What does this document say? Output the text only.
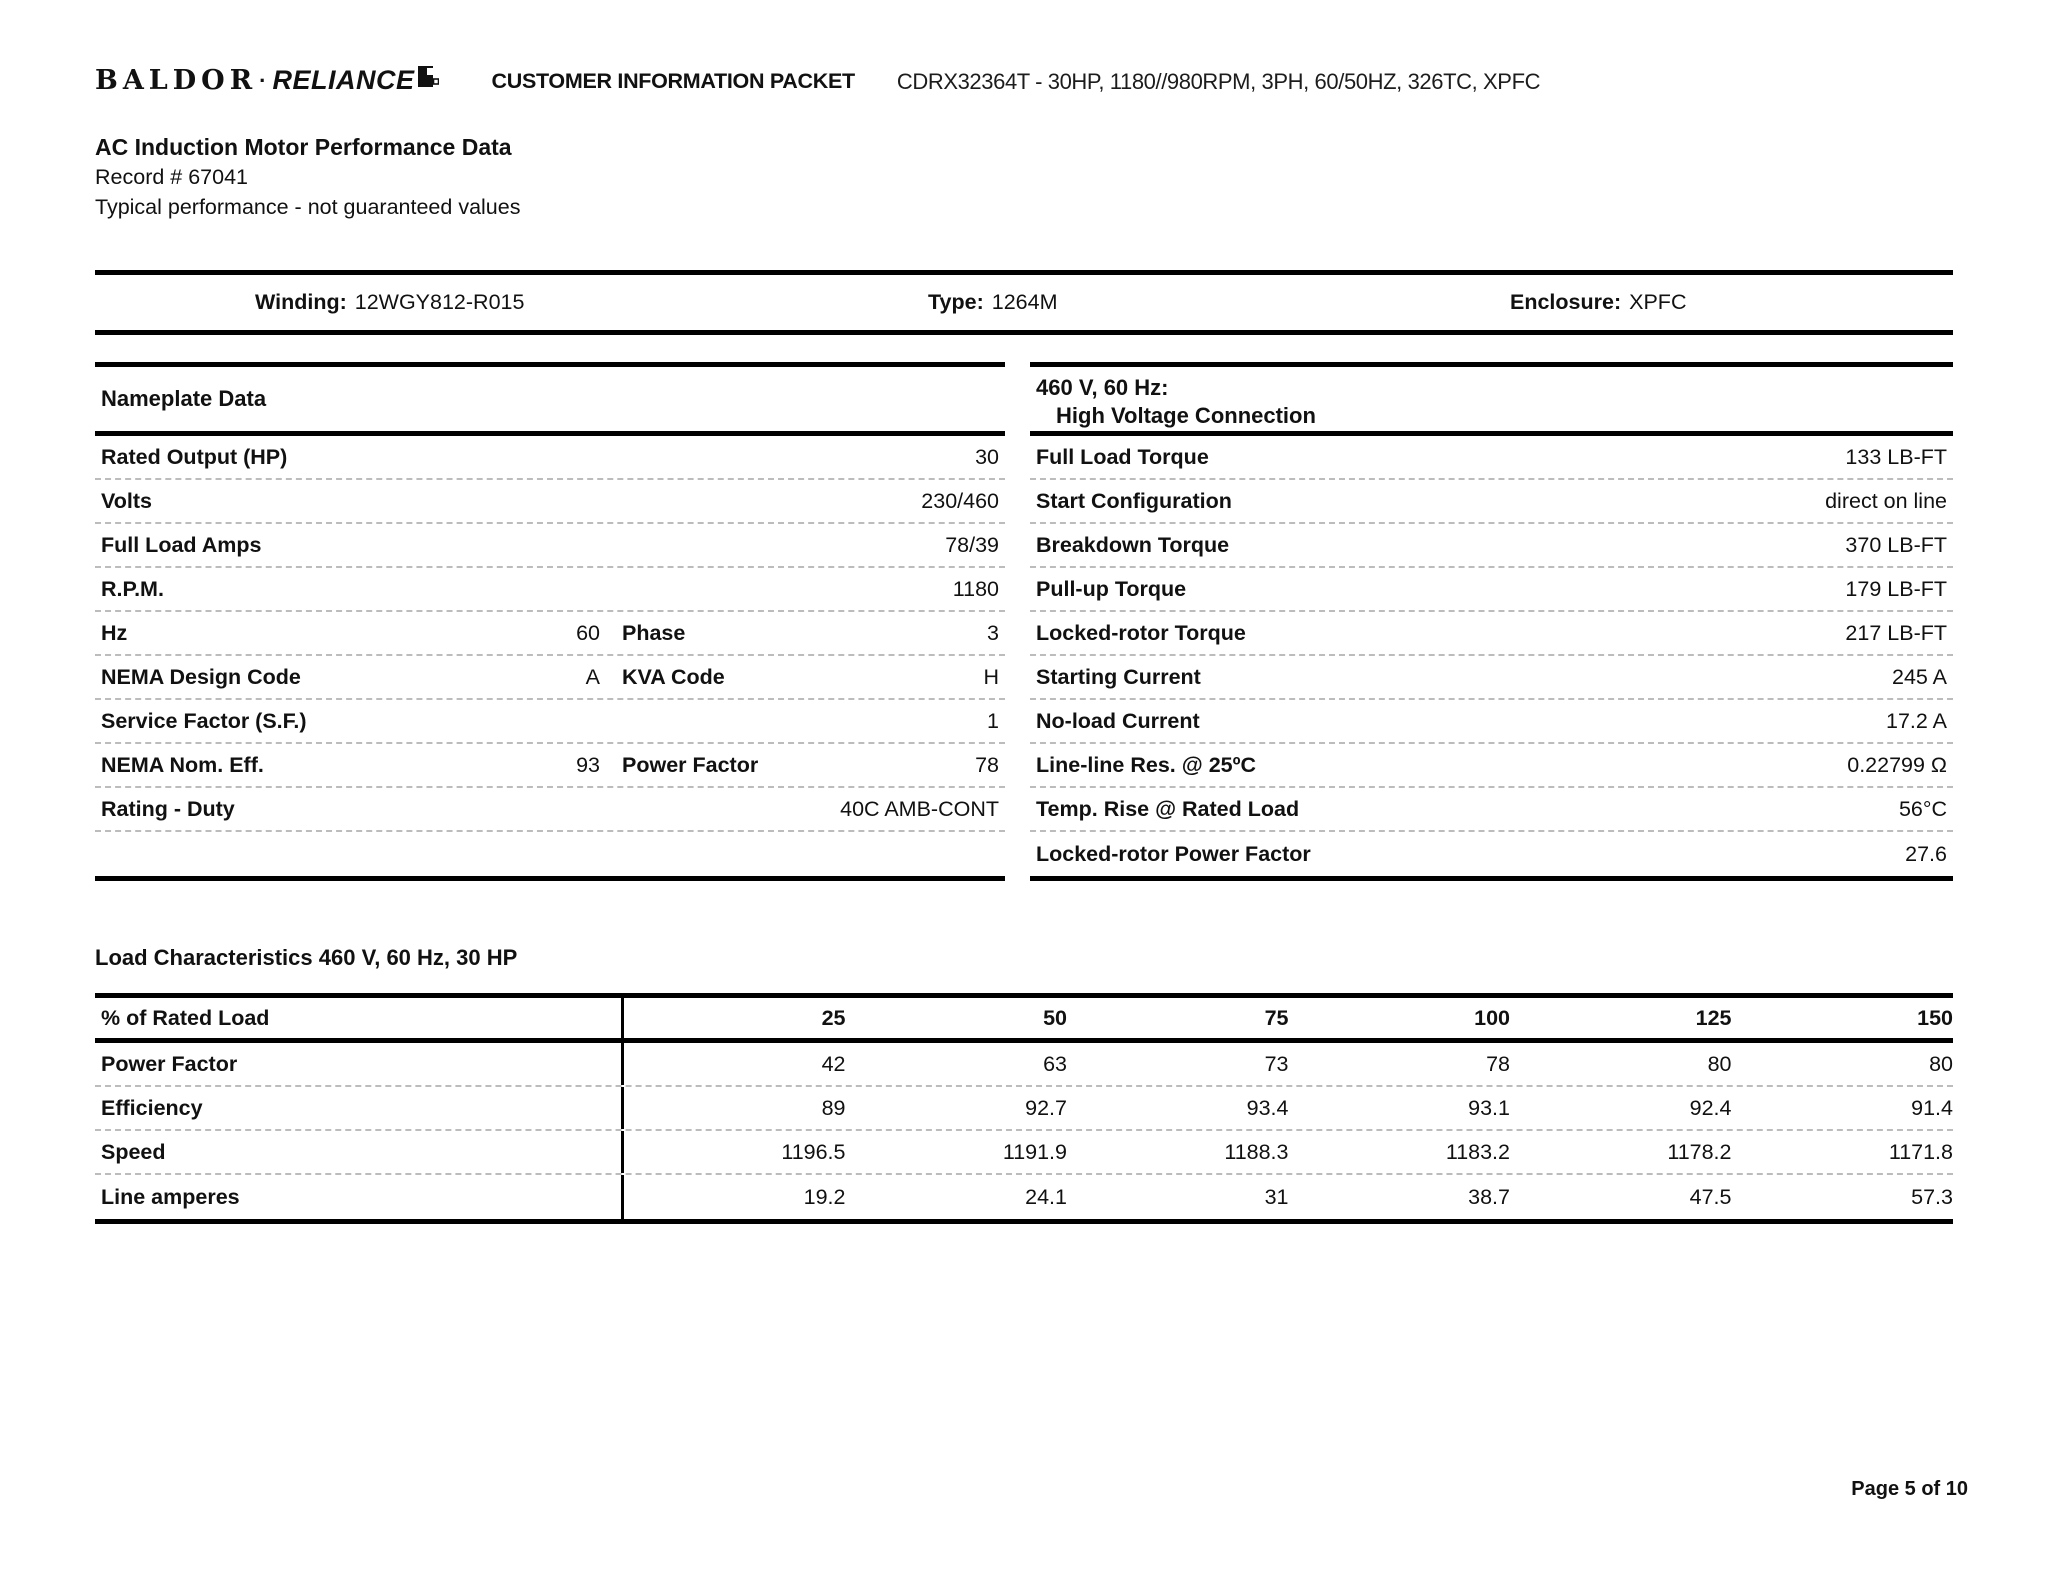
BALDOR · RELIANCE	CUSTOMER INFORMATION PACKET CDRX32364T - 30HP, 1180//980RPM, 3PH, 60/50HZ, 326TC, XPFC
AC Induction Motor Performance Data
Record # 67041
Typical performance - not guaranteed values
Winding: 12WGY812-R015	Type: 1264M	Enclosure: XPFC
Nameplate Data
Rated Output (HP)	30
Volts	230/460
Full Load Amps	78/39
R.P.M.	1180
Hz	60 Phase	3
NEMA Design Code	A KVA Code	H
Service Factor (S.F.)	1
NEMA Nom. Eff.	93 Power Factor	78
Rating - Duty	40C AMB-CONT
460 V, 60 Hz:
High Voltage Connection
Full Load Torque	133 LB-FT
Start Configuration	direct on line
Breakdown Torque	370 LB-FT
Pull-up Torque	179 LB-FT
Locked-rotor Torque	217 LB-FT
Starting Current	245 A
No-load Current	17.2 A
Line-line Res. @ 25ºC	0.22799 Ω
Temp. Rise @ Rated Load	56°C
Locked-rotor Power Factor	27.6
Load Characteristics 460 V, 60 Hz, 30 HP
% of Rated Load	25	50	75	100	125	150
Power Factor	42	63	73	78	80	80
Efficiency	89	92.7	93.4	93.1	92.4	91.4
Speed	1196.5	1191.9	1188.3	1183.2	1178.2	1171.8
Line amperes	19.2	24.1	31	38.7	47.5	57.3
Page 5 of 10
